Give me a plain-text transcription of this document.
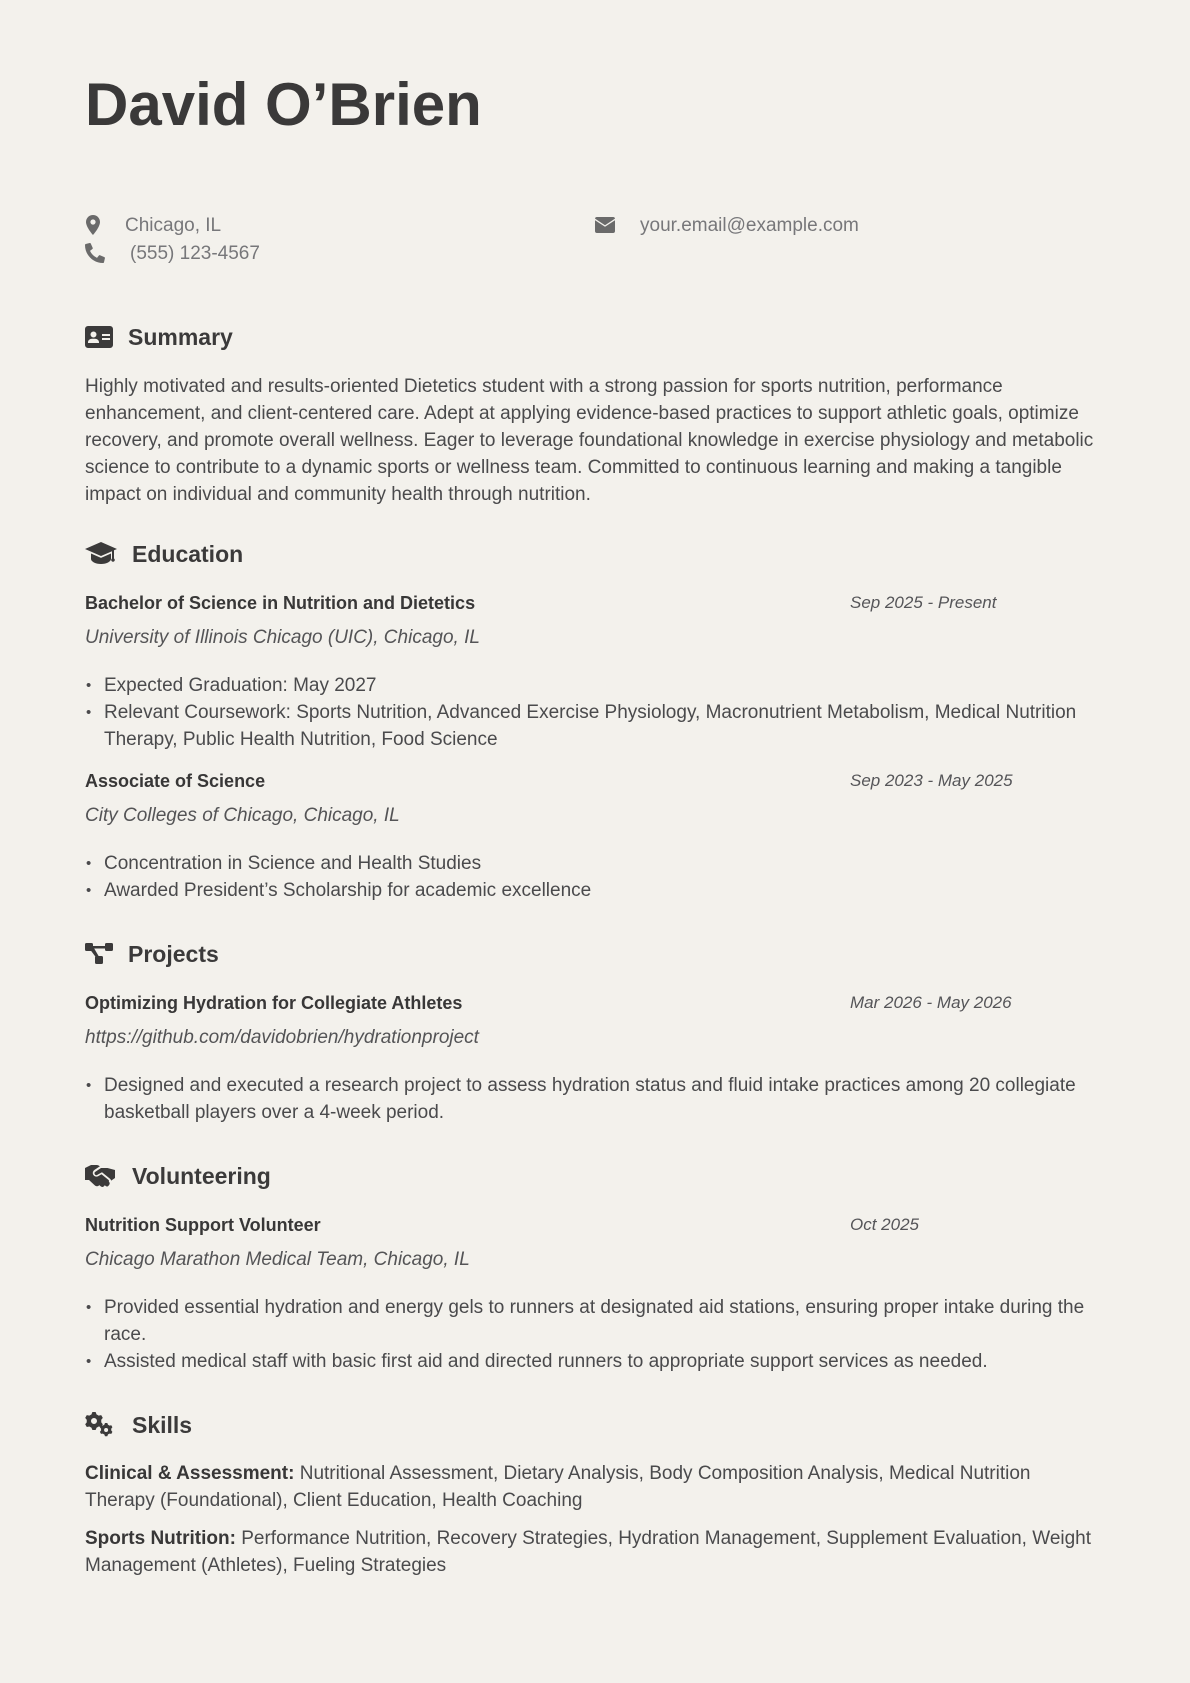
David O’Brien
Chicago, IL	your.email@example.com
(555) 123-4567
Summary

Highly motivated and results-oriented Dietetics student with a strong passion for sports nutrition, performance enhancement, and client-centered care. Adept at applying evidence-based practices to support athletic goals, optimize recovery, and promote overall wellness. Eager to leverage foundational knowledge in exercise physiology and metabolic science to contribute to a dynamic sports or wellness team. Committed to continuous learning and making a tangible impact on individual and community health through nutrition.

Education
Bachelor of Science in Nutrition and Dietetics	Sep 2025 - Present
University of Illinois Chicago (UIC), Chicago, IL
• Expected Graduation: May 2027
• Relevant Coursework: Sports Nutrition, Advanced Exercise Physiology, Macronutrient Metabolism, Medical Nutrition Therapy, Public Health Nutrition, Food Science
Associate of Science	Sep 2023 - May 2025
City Colleges of Chicago, Chicago, IL
• Concentration in Science and Health Studies
• Awarded President’s Scholarship for academic excellence
Projects
Optimizing Hydration for Collegiate Athletes	Mar 2026 - May 2026
https://github.com/davidobrien/hydrationproject
• Designed and executed a research project to assess hydration status and fluid intake practices among 20 collegiate basketball players over a 4-week period.
Volunteering
Nutrition Support Volunteer	Oct 2025
Chicago Marathon Medical Team, Chicago, IL
• Provided essential hydration and energy gels to runners at designated aid stations, ensuring proper intake during the race.
• Assisted medical staff with basic first aid and directed runners to appropriate support services as needed.
Skills

Clinical & Assessment: Nutritional Assessment, Dietary Analysis, Body Composition Analysis, Medical Nutrition Therapy (Foundational), Client Education, Health Coaching

Sports Nutrition: Performance Nutrition, Recovery Strategies, Hydration Management, Supplement Evaluation, Weight Management (Athletes), Fueling Strategies
